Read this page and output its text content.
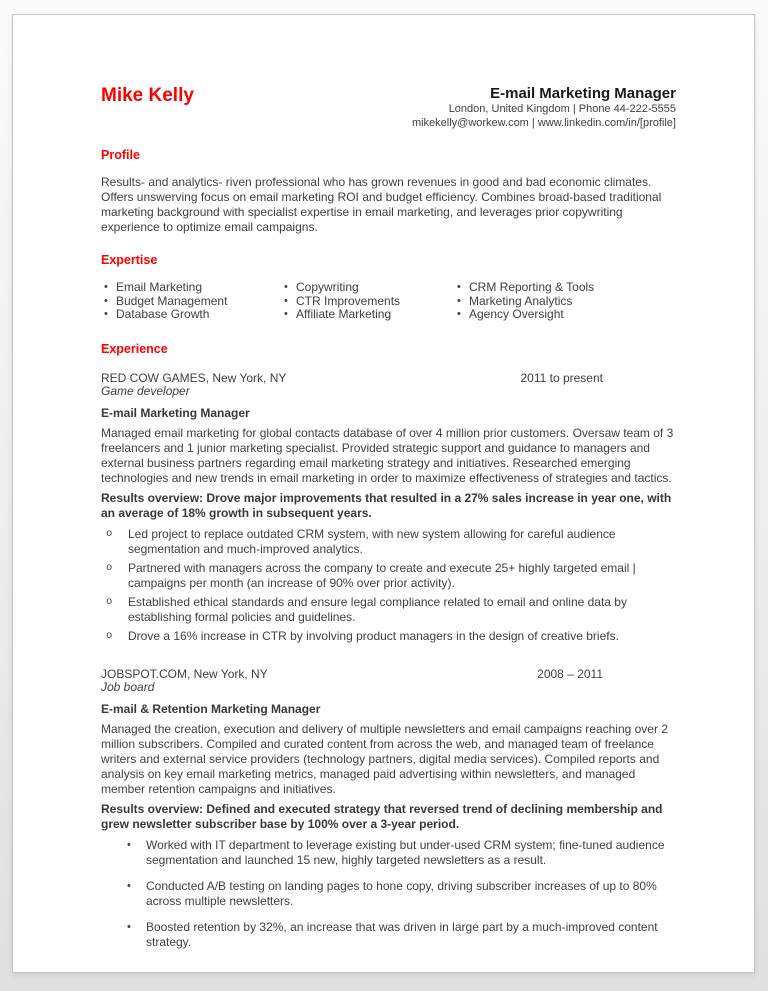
Mike Kelly	E-mail Marketing Manager
London, United Kingdom | Phone 44-222-5555
mikekelly@workew.com | www.linkedin.com/in/[profile]
Profile
Results- and analytics- riven professional who has grown revenues in good and bad economic climates. Offers unswerving focus on email marketing ROI and budget efficiency. Combines broad-based traditional marketing background with specialist expertise in email marketing, and leverages prior copywriting experience to optimize email campaigns.
Expertise
• Email Marketing
• Budget Management
• Database Growth
• Copywriting
• CTR Improvements
• Affiliate Marketing
• CRM Reporting & Tools
• Marketing Analytics
• Agency Oversight
Experience
RED COW GAMES, New York, NY	2011 to present
Game developer
E-mail Marketing Manager
Managed email marketing for global contacts database of over 4 million prior customers. Oversaw team of 3 freelancers and 1 junior marketing specialist. Provided strategic support and guidance to managers and external business partners regarding email marketing strategy and initiatives. Researched emerging technologies and new trends in email marketing in order to maximize effectiveness of strategies and tactics.
Results overview: Drove major improvements that resulted in a 27% sales increase in year one, with an average of 18% growth in subsequent years.
o	Led project to replace outdated CRM system, with new system allowing for careful audience segmentation and much-improved analytics.
o	Partnered with managers across the company to create and execute 25+ highly targeted email | campaigns per month (an increase of 90% over prior activity).
o	Established ethical standards and ensure legal compliance related to email and online data by establishing formal policies and guidelines.
o	Drove a 16% increase in CTR by involving product managers in the design of creative briefs.
JOBSPOT.COM, New York, NY	2008 – 2011
Job board
E-mail & Retention Marketing Manager
Managed the creation, execution and delivery of multiple newsletters and email campaigns reaching over 2 million subscribers. Compiled and curated content from across the web, and managed team of freelance writers and external service providers (technology partners, digital media services). Compiled reports and analysis on key email marketing metrics, managed paid advertising within newsletters, and managed member retention campaigns and initiatives.
Results overview: Defined and executed strategy that reversed trend of declining membership and grew newsletter subscriber base by 100% over a 3-year period.
•	Worked with IT department to leverage existing but under-used CRM system; fine-tuned audience segmentation and launched 15 new, highly targeted newsletters as a result.
•	Conducted A/B testing on landing pages to hone copy, driving subscriber increases of up to 80% across multiple newsletters.
•	Boosted retention by 32%, an increase that was driven in large part by a much-improved content strategy.
